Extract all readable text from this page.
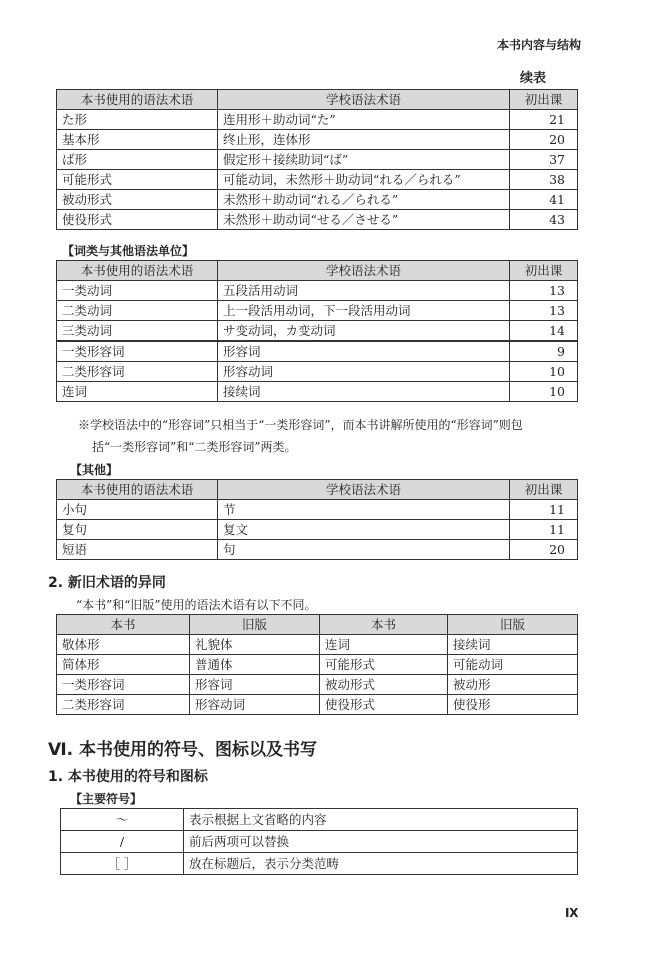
本书内容与结构
续表
本书使用的语法术语	学校语法术语	初出课
た形	连用形＋助动词“た”	21
基本形	终止形，连体形	20
ば形	假定形＋接续助词“ば”	37
可能形式	可能动词，未然形＋助动词“れる／られる”	38
被动形式	未然形＋助动词“れる／られる”	41
使役形式	未然形＋助动词“せる／させる”	43
【词类与其他语法单位】
本书使用的语法术语	学校语法术语	初出课
一类动词	五段活用动词	13
二类动词	上一段活用动词，下一段活用动词	13
三类动词	サ变动词，カ变动词	14
一类形容词	形容词	9
二类形容词	形容动词	10
连词	接续词	10
※学校语法中的“形容词”只相当于“一类形容词”，而本书讲解所使用的“形容词”则包
括“一类形容词”和“二类形容词”两类。
【其他】
本书使用的语法术语	学校语法术语	初出课
小句	节	11
复句	复文	11
短语	句	20
2. 新旧术语的异同
“本书”和“旧版”使用的语法术语有以下不同。
本书	旧版	本书	旧版
敬体形	礼貌体	连词	接续词
简体形	普通体	可能形式	可能动词
一类形容词	形容词	被动形式	被动形
二类形容词	形容动词	使役形式	使役形
Ⅵ. 本书使用的符号、图标以及书写
1. 本书使用的符号和图标
【主要符号】
～	表示根据上文省略的内容
/	前后两项可以替换
［ ］	放在标题后，表示分类范畴
Ⅸ
